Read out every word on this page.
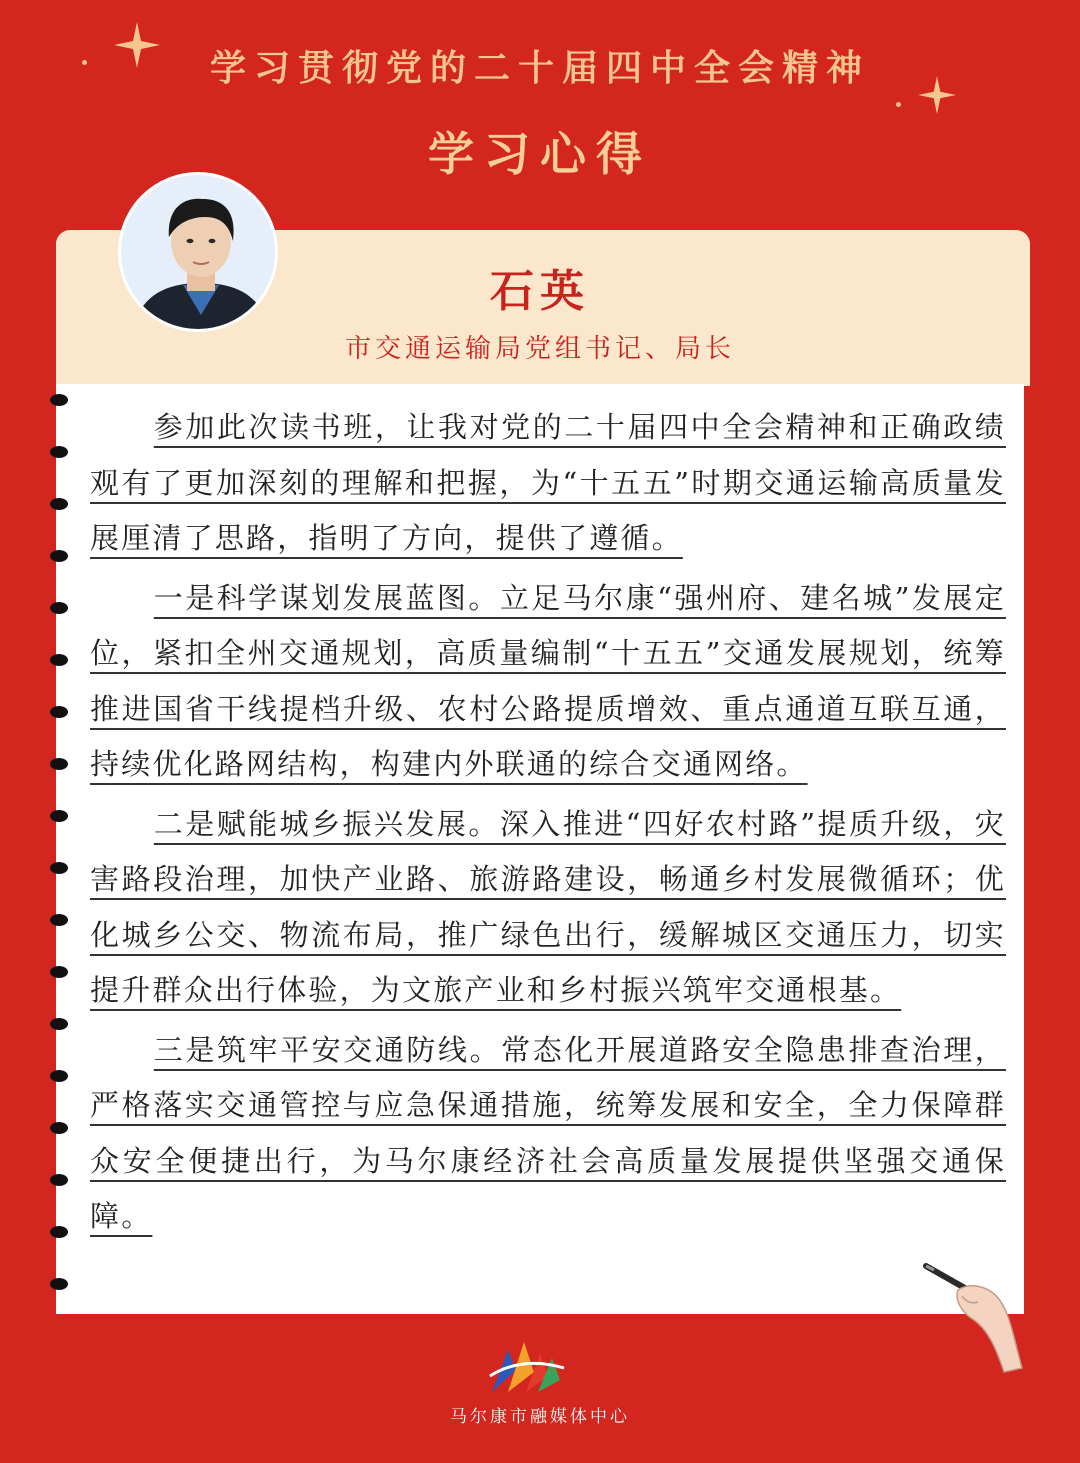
学习贯彻党的二十届四中全会精神
学习心得
石英
市交通运输局党组书记、局长

参加此次读书班，让我对党的二十届四中全会精神和正确政绩观有了更加深刻的理解和把握，为“十五五”时期交通运输高质量发展厘清了思路，指明了方向，提供了遵循。

一是科学谋划发展蓝图。立足马尔康“强州府、建名城”发展定位，紧扣全州交通规划，高质量编制“十五五”交通发展规划，统筹推进国省干线提档升级、农村公路提质增效、重点通道互联互通，持续优化路网结构，构建内外联通的综合交通网络。

二是赋能城乡振兴发展。深入推进“四好农村路”提质升级，灾害路段治理，加快产业路、旅游路建设，畅通乡村发展微循环；优化城乡公交、物流布局，推广绿色出行，缓解城区交通压力，切实提升群众出行体验，为文旅产业和乡村振兴筑牢交通根基。

三是筑牢平安交通防线。常态化开展道路安全隐患排查治理，严格落实交通管控与应急保通措施，统筹发展和安全，全力保障群众安全便捷出行，为马尔康经济社会高质量发展提供坚强交通保障。

马尔康市融媒体中心
